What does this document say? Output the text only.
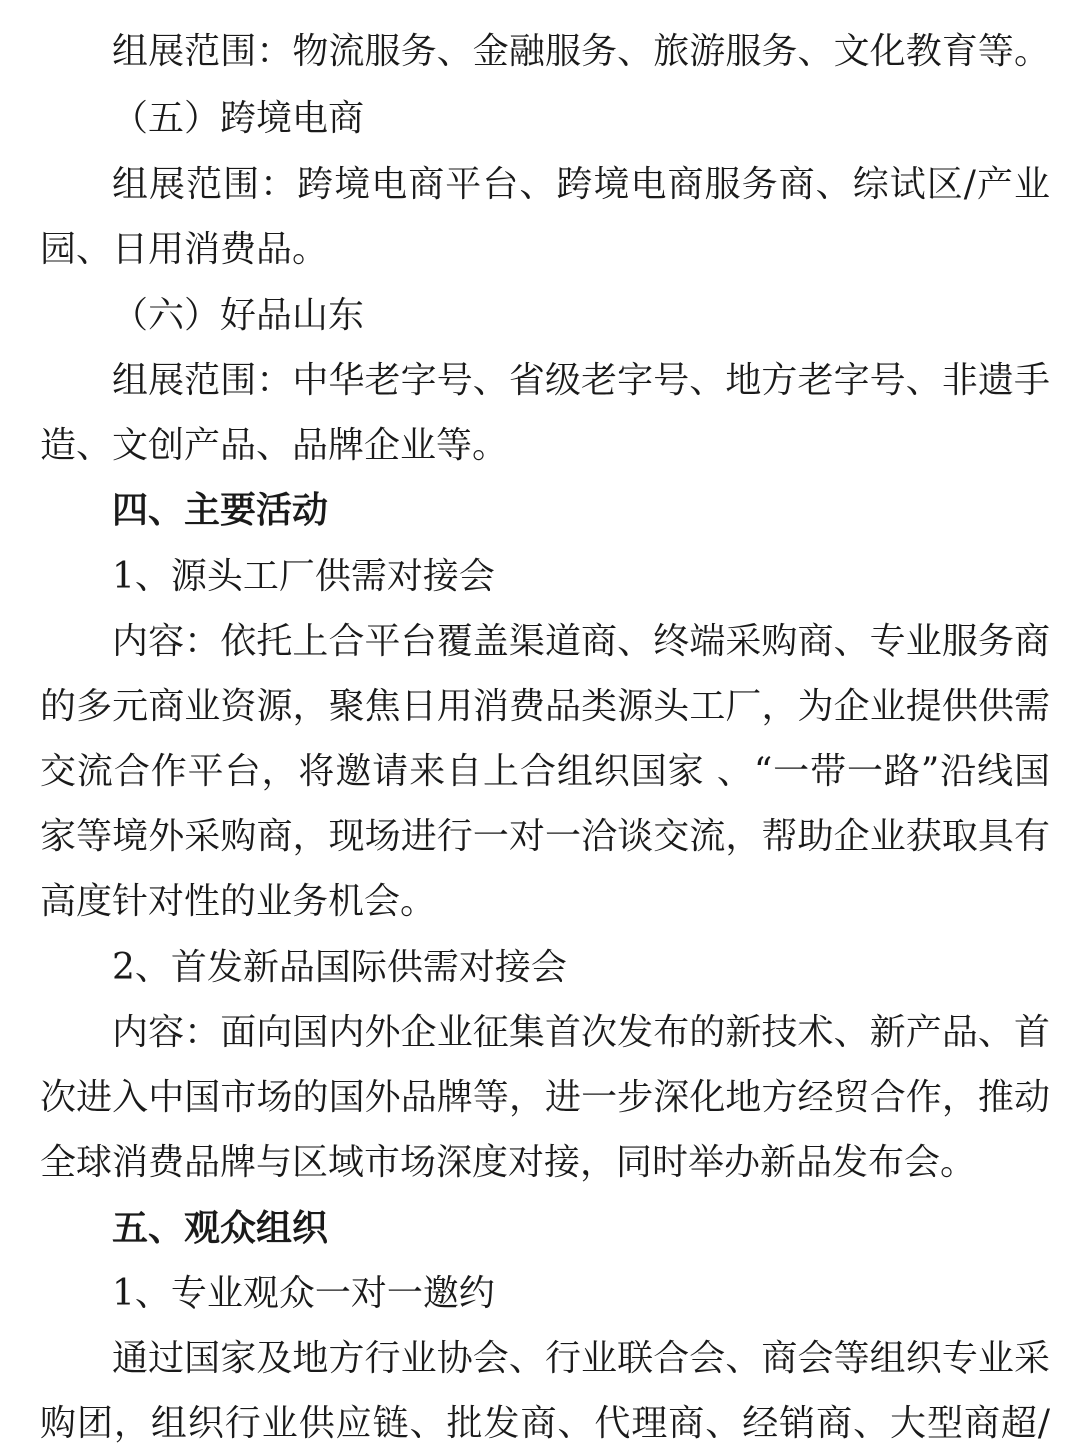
组展范围：物流服务、金融服务、旅游服务、文化教育等。
（五）跨境电商
组展范围：跨境电商平台、跨境电商服务商、综试区/产业
园、日用消费品。
（六）好品山东
组展范围：中华老字号、省级老字号、地方老字号、非遗手
造、文创产品、品牌企业等。
四、主要活动
1、源头工厂供需对接会
内容：依托上合平台覆盖渠道商、终端采购商、专业服务商
的多元商业资源，聚焦日用消费品类源头工厂，为企业提供供需
交流合作平台，将邀请来自上合组织国家 、“一带一路”沿线国
家等境外采购商，现场进行一对一洽谈交流，帮助企业获取具有
高度针对性的业务机会。
2、首发新品国际供需对接会
内容：面向国内外企业征集首次发布的新技术、新产品、首
次进入中国市场的国外品牌等，进一步深化地方经贸合作，推动
全球消费品牌与区域市场深度对接，同时举办新品发布会。
五、观众组织
1、专业观众一对一邀约
通过国家及地方行业协会、行业联合会、商会等组织专业采
购团，组织行业供应链、批发商、代理商、经销商、大型商超/
